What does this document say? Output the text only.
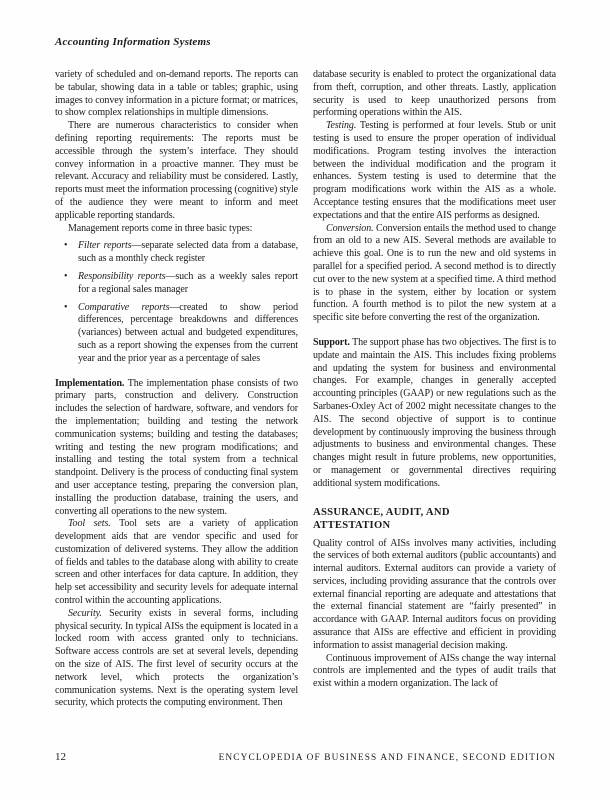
Accounting Information Systems

variety of scheduled and on-demand reports. The reports can be tabular, showing data in a table or tables; graphic, using images to convey information in a picture format; or matrices, to show complex relationships in multiple dimensions.

There are numerous characteristics to consider when defining reporting requirements: The reports must be accessible through the system’s interface. They should convey information in a proactive manner. They must be relevant. Accuracy and reliability must be considered. Lastly, reports must meet the information processing (cognitive) style of the audience they were meant to inform and meet applicable reporting standards.

Management reports come in three basic types:

•	Filter reports—separate selected data from a database, such as a monthly check register
•	Responsibility reports—such as a weekly sales report for a regional sales manager
•	Comparative reports—created to show period differences, percentage breakdowns and differences (variances) between actual and budgeted expenditures, such as a report showing the expenses from the current year and the prior year as a percentage of sales

Implementation. The implementation phase consists of two primary parts, construction and delivery. Construction includes the selection of hardware, software, and vendors for the implementation; building and testing the network communication systems; building and testing the databases; writing and testing the new program modifications; and installing and testing the total system from a technical standpoint. Delivery is the process of conducting final system and user acceptance testing, preparing the conversion plan, installing the production database, training the users, and converting all operations to the new system.

Tool sets. Tool sets are a variety of application development aids that are vendor specific and used for customization of delivered systems. They allow the addition of fields and tables to the database along with ability to create screen and other interfaces for data capture. In addition, they help set accessibility and security levels for adequate internal control within the accounting applications.

Security. Security exists in several forms, including physical security. In typical AISs the equipment is located in a locked room with access granted only to technicians. Software access controls are set at several levels, depending on the size of AIS. The first level of security occurs at the network level, which protects the organization’s communication systems. Next is the operating system level security, which protects the computing environment. Then

database security is enabled to protect the organizational data from theft, corruption, and other threats. Lastly, application security is used to keep unauthorized persons from performing operations within the AIS.

Testing. Testing is performed at four levels. Stub or unit testing is used to ensure the proper operation of individual modifications. Program testing involves the interaction between the individual modification and the program it enhances. System testing is used to determine that the program modifications work within the AIS as a whole. Acceptance testing ensures that the modifications meet user expectations and that the entire AIS performs as designed.

Conversion. Conversion entails the method used to change from an old to a new AIS. Several methods are available to achieve this goal. One is to run the new and old systems in parallel for a specified period. A second method is to directly cut over to the new system at a specified time. A third method is to phase in the system, either by location or system function. A fourth method is to pilot the new system at a specific site before converting the rest of the organization.

Support. The support phase has two objectives. The first is to update and maintain the AIS. This includes fixing problems and updating the system for business and environmental changes. For example, changes in generally accepted accounting principles (GAAP) or new regulations such as the Sarbanes-Oxley Act of 2002 might necessitate changes to the AIS. The second objective of support is to continue development by continuously improving the business through adjustments to business and environmental changes. These changes might result in future problems, new opportunities, or management or governmental directives requiring additional system modifications.

ASSURANCE, AUDIT, AND ATTESTATION

Quality control of AISs involves many activities, including the services of both external auditors (public accountants) and internal auditors. External auditors can provide a variety of services, including providing assurance that the controls over external financial reporting are adequate and attestations that the external financial statement are “fairly presented” in accordance with GAAP. Internal auditors focus on providing assurance that AISs are effective and efficient in providing information to assist managerial decision making.

Continuous improvement of AISs change the way internal controls are implemented and the types of audit trails that exist within a modern organization. The lack of

12	ENCYCLOPEDIA OF BUSINESS AND FINANCE, SECOND EDITION
